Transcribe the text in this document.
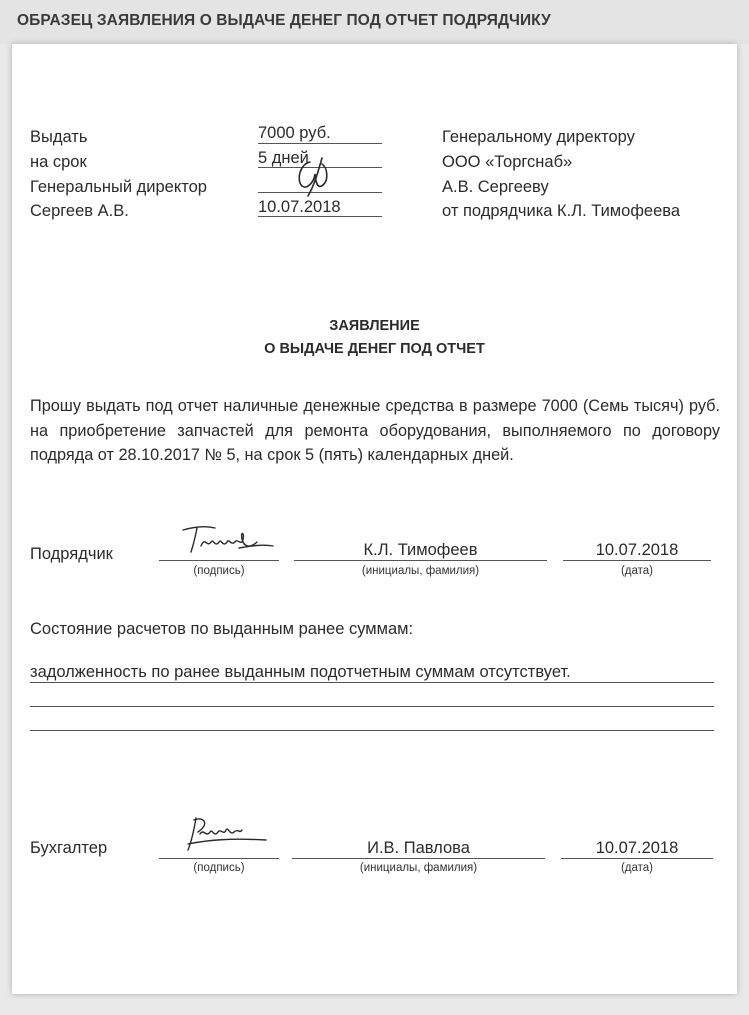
ОБРАЗЕЦ ЗАЯВЛЕНИЯ О ВЫДАЧЕ ДЕНЕГ ПОД ОТЧЕТ ПОДРЯДЧИКУ
Выдать
на срок
Генеральный директор
Сергеев А.В.
7000 руб.
5 дней
10.07.2018
Генеральному директору
ООО «Торгснаб»
А.В. Сергееву
от подрядчика К.Л. Тимофеева
ЗАЯВЛЕНИЕ
О ВЫДАЧЕ ДЕНЕГ ПОД ОТЧЕТ
Прошу выдать под отчет наличные денежные средства в размере 7000 (Семь тысяч) руб. на приобретение запчастей для ремонта оборудования, выполняемого по договору подряда от 28.10.2017 № 5, на срок 5 (пять) календарных дней.
Подрядчик
(подпись)
К.Л. Тимофеев
(инициалы, фамилия)
10.07.2018
(дата)
Состояние расчетов по выданным ранее суммам:
задолженность по ранее выданным подотчетным суммам отсутствует.
Бухгалтер
(подпись)
И.В. Павлова
(инициалы, фамилия)
10.07.2018
(дата)
